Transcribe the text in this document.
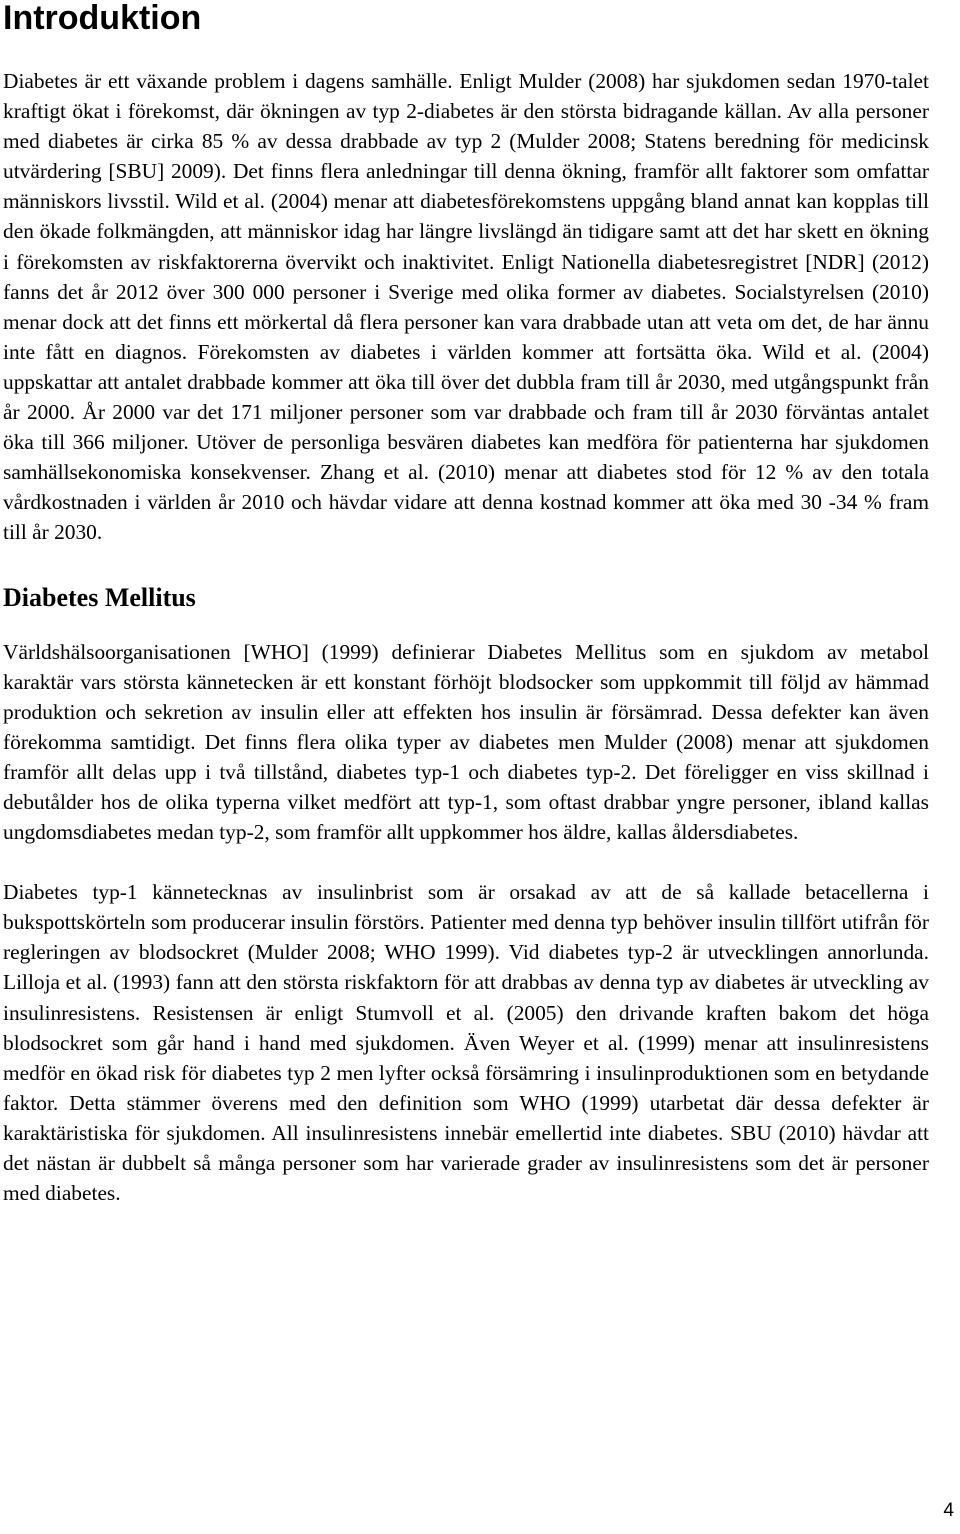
Introduktion

Diabetes är ett växande problem i dagens samhälle. Enligt Mulder (2008) har sjukdomen sedan 1970-talet kraftigt ökat i förekomst, där ökningen av typ 2-diabetes är den största bidragande källan. Av alla personer med diabetes är cirka 85 % av dessa drabbade av typ 2 (Mulder 2008; Statens beredning för medicinsk utvärdering [SBU] 2009). Det finns flera anledningar till denna ökning, framför allt faktorer som omfattar människors livsstil. Wild et al. (2004) menar att diabetesförekomstens uppgång bland annat kan kopplas till den ökade folkmängden, att människor idag har längre livslängd än tidigare samt att det har skett en ökning i förekomsten av riskfaktorerna övervikt och inaktivitet. Enligt Nationella diabetesregistret [NDR] (2012) fanns det år 2012 över 300 000 personer i Sverige med olika former av diabetes. Socialstyrelsen (2010) menar dock att det finns ett mörkertal då flera personer kan vara drabbade utan att veta om det, de har ännu inte fått en diagnos. Förekomsten av diabetes i världen kommer att fortsätta öka. Wild et al. (2004) uppskattar att antalet drabbade kommer att öka till över det dubbla fram till år 2030, med utgångspunkt från år 2000. År 2000 var det 171 miljoner personer som var drabbade och fram till år 2030 förväntas antalet öka till 366 miljoner. Utöver de personliga besvären diabetes kan medföra för patienterna har sjukdomen samhällsekonomiska konsekvenser. Zhang et al. (2010) menar att diabetes stod för 12 % av den totala vårdkostnaden i världen år 2010 och hävdar vidare att denna kostnad kommer att öka med 30 -34 % fram till år 2030.

Diabetes Mellitus

Världshälsoorganisationen [WHO] (1999) definierar Diabetes Mellitus som en sjukdom av metabol karaktär vars största kännetecken är ett konstant förhöjt blodsocker som uppkommit till följd av hämmad produktion och sekretion av insulin eller att effekten hos insulin är försämrad. Dessa defekter kan även förekomma samtidigt. Det finns flera olika typer av diabetes men Mulder (2008) menar att sjukdomen framför allt delas upp i två tillstånd, diabetes typ-1 och diabetes typ-2. Det föreligger en viss skillnad i debutålder hos de olika typerna vilket medfört att typ-1, som oftast drabbar yngre personer, ibland kallas ungdomsdiabetes medan typ-2, som framför allt uppkommer hos äldre, kallas åldersdiabetes.

Diabetes typ-1 kännetecknas av insulinbrist som är orsakad av att de så kallade betacellerna i bukspottskörteln som producerar insulin förstörs. Patienter med denna typ behöver insulin tillfört utifrån för regleringen av blodsockret (Mulder 2008; WHO 1999). Vid diabetes typ-2 är utvecklingen annorlunda. Lilloja et al. (1993) fann att den största riskfaktorn för att drabbas av denna typ av diabetes är utveckling av insulinresistens. Resistensen är enligt Stumvoll et al. (2005) den drivande kraften bakom det höga blodsockret som går hand i hand med sjukdomen. Även Weyer et al. (1999) menar att insulinresistens medför en ökad risk för diabetes typ 2 men lyfter också försämring i insulinproduktionen som en betydande faktor. Detta stämmer överens med den definition som WHO (1999) utarbetat där dessa defekter är karaktäristiska för sjukdomen. All insulinresistens innebär emellertid inte diabetes. SBU (2010) hävdar att det nästan är dubbelt så många personer som har varierade grader av insulinresistens som det är personer med diabetes.

4
